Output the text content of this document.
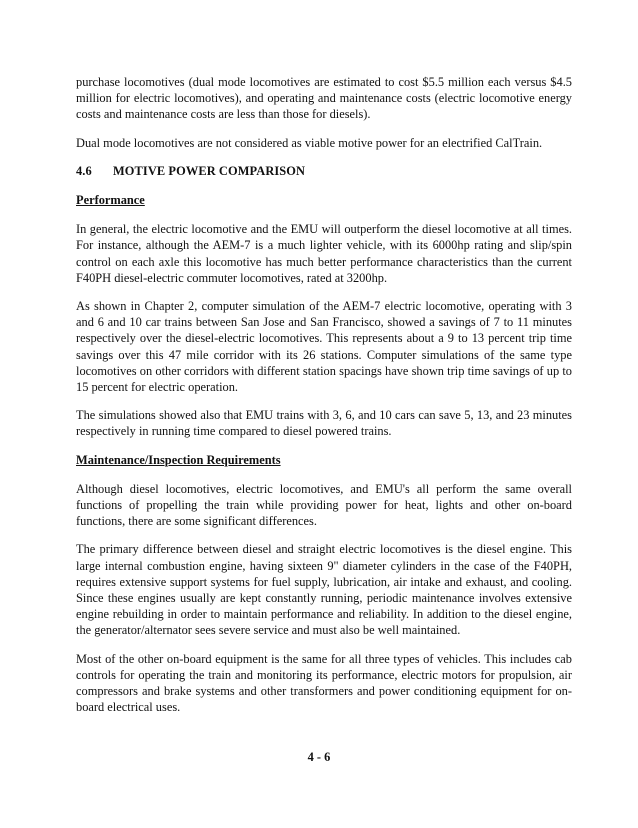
purchase locomotives (dual mode locomotives are estimated to cost $5.5 million each versus $4.5 million for electric locomotives), and operating and maintenance costs (electric locomotive energy costs and maintenance costs are less than those for diesels).

Dual mode locomotives are not considered as viable motive power for an electrified CalTrain.

4.6 MOTIVE POWER COMPARISON
Performance

In general, the electric locomotive and the EMU will outperform the diesel locomotive at all times. For instance, although the AEM-7 is a much lighter vehicle, with its 6000hp rating and slip/spin control on each axle this locomotive has much better performance characteristics than the current F40PH diesel-electric commuter locomotives, rated at 3200hp.

As shown in Chapter 2, computer simulation of the AEM-7 electric locomotive, operating with 3 and 6 and 10 car trains between San Jose and San Francisco, showed a savings of 7 to 11 minutes respectively over the diesel-electric locomotives. This represents about a 9 to 13 percent trip time savings over this 47 mile corridor with its 26 stations. Computer simulations of the same type locomotives on other corridors with different station spacings have shown trip time savings of up to 15 percent for electric operation.

The simulations showed also that EMU trains with 3, 6, and 10 cars can save 5, 13, and 23 minutes respectively in running time compared to diesel powered trains.

Maintenance/Inspection Requirements

Although diesel locomotives, electric locomotives, and EMU's all perform the same overall functions of propelling the train while providing power for heat, lights and other on-board functions, there are some significant differences.

The primary difference between diesel and straight electric locomotives is the diesel engine. This large internal combustion engine, having sixteen 9" diameter cylinders in the case of the F40PH, requires extensive support systems for fuel supply, lubrication, air intake and exhaust, and cooling. Since these engines usually are kept constantly running, periodic maintenance involves extensive engine rebuilding in order to maintain performance and reliability. In addition to the diesel engine, the generator/alternator sees severe service and must also be well maintained.

Most of the other on-board equipment is the same for all three types of vehicles. This includes cab controls for operating the train and monitoring its performance, electric motors for propulsion, air compressors and brake systems and other transformers and power conditioning equipment for on-board electrical uses.

4 - 6
